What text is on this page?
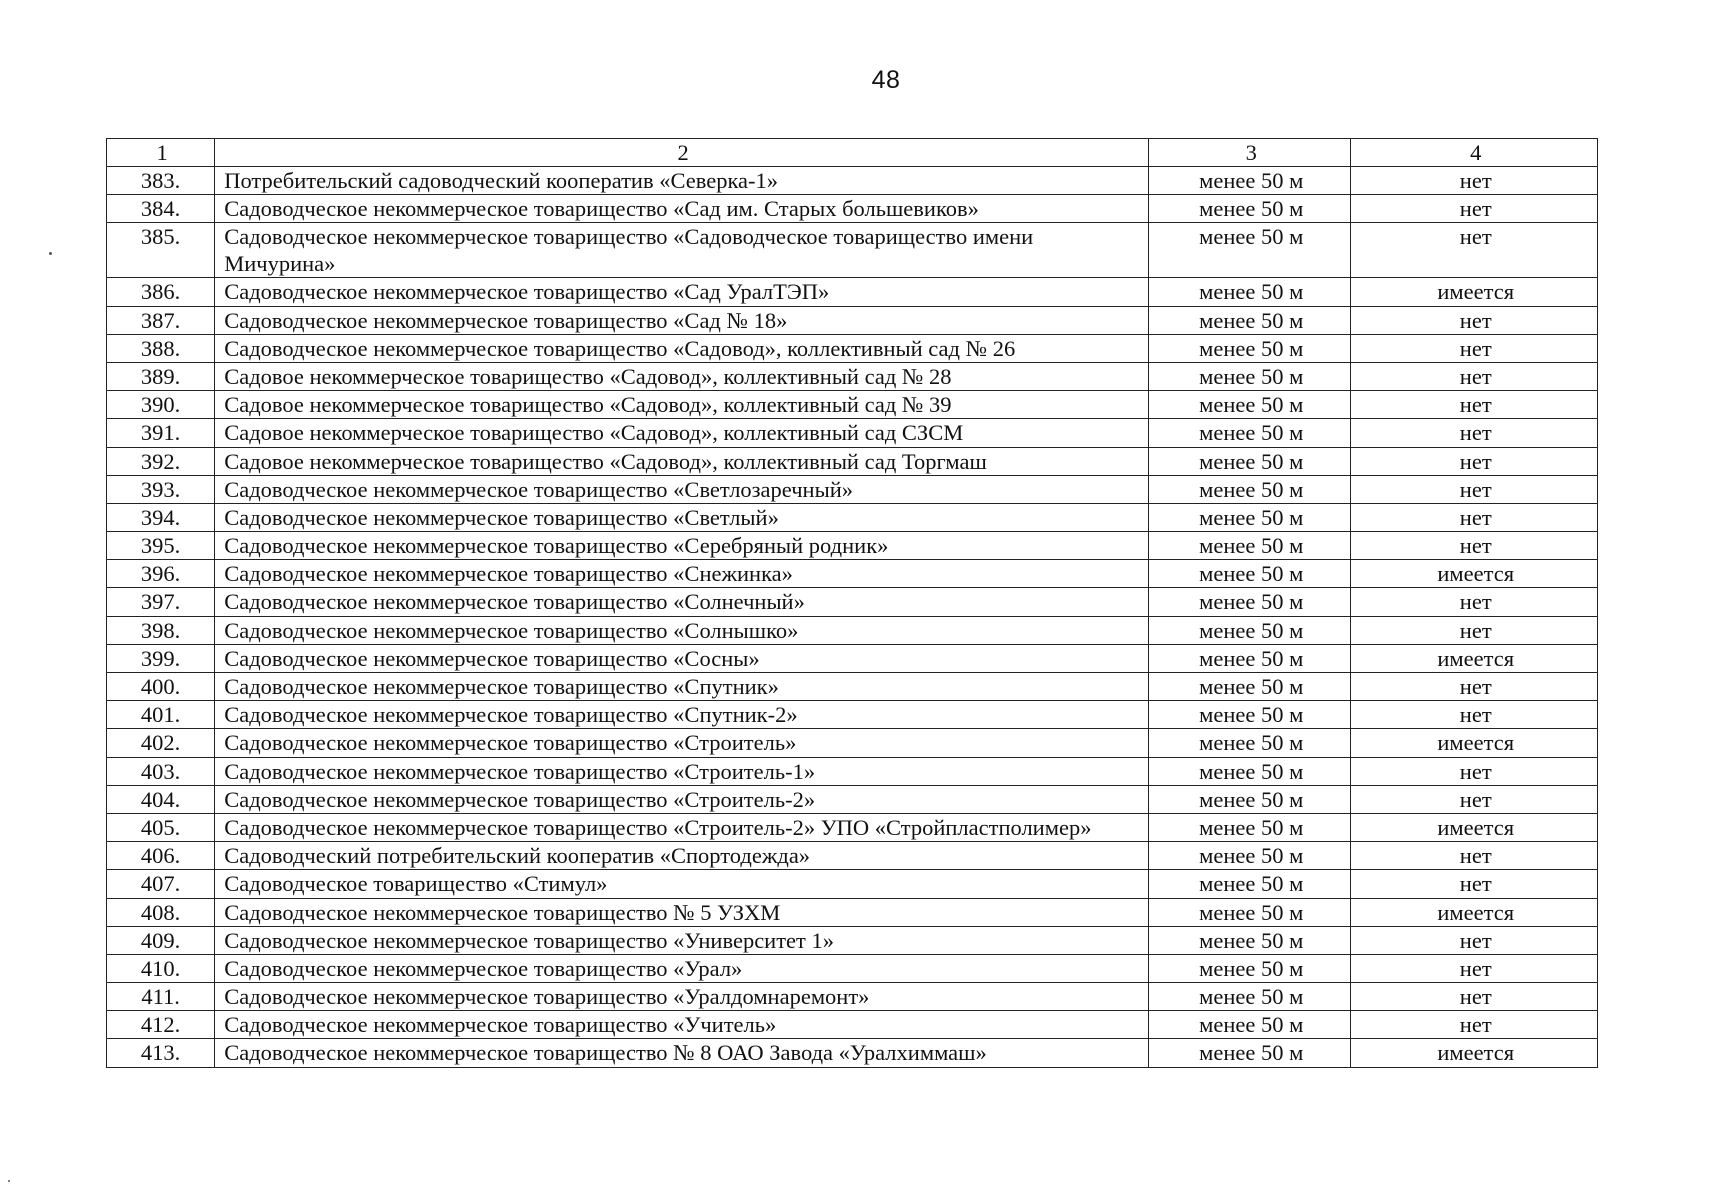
48
1	2	3	4
383.	Потребительский садоводческий кооператив «Северка-1»	менее 50 м	нет
384.	Садоводческое некоммерческое товарищество «Сад им. Старых большевиков»	менее 50 м	нет
385.	Садоводческое некоммерческое товарищество «Садоводческое товарищество имени Мичурина»	менее 50 м	нет
386.	Садоводческое некоммерческое товарищество «Сад УралТЭП»	менее 50 м	имеется
387.	Садоводческое некоммерческое товарищество «Сад № 18»	менее 50 м	нет
388.	Садоводческое некоммерческое товарищество «Садовод», коллективный сад № 26	менее 50 м	нет
389.	Садовое некоммерческое товарищество «Садовод», коллективный сад № 28	менее 50 м	нет
390.	Садовое некоммерческое товарищество «Садовод», коллективный сад № 39	менее 50 м	нет
391.	Садовое некоммерческое товарищество «Садовод», коллективный сад СЗСМ	менее 50 м	нет
392.	Садовое некоммерческое товарищество «Садовод», коллективный сад Торгмаш	менее 50 м	нет
393.	Садоводческое некоммерческое товарищество «Светлозаречный»	менее 50 м	нет
394.	Садоводческое некоммерческое товарищество «Светлый»	менее 50 м	нет
395.	Садоводческое некоммерческое товарищество «Серебряный родник»	менее 50 м	нет
396.	Садоводческое некоммерческое товарищество «Снежинка»	менее 50 м	имеется
397.	Садоводческое некоммерческое товарищество «Солнечный»	менее 50 м	нет
398.	Садоводческое некоммерческое товарищество «Солнышко»	менее 50 м	нет
399.	Садоводческое некоммерческое товарищество «Сосны»	менее 50 м	имеется
400.	Садоводческое некоммерческое товарищество «Спутник»	менее 50 м	нет
401.	Садоводческое некоммерческое товарищество «Спутник-2»	менее 50 м	нет
402.	Садоводческое некоммерческое товарищество «Строитель»	менее 50 м	имеется
403.	Садоводческое некоммерческое товарищество «Строитель-1»	менее 50 м	нет
404.	Садоводческое некоммерческое товарищество «Строитель-2»	менее 50 м	нет
405.	Садоводческое некоммерческое товарищество «Строитель-2» УПО «Стройпластполимер»	менее 50 м	имеется
406.	Садоводческий потребительский кооператив «Спортодежда»	менее 50 м	нет
407.	Садоводческое товарищество «Стимул»	менее 50 м	нет
408.	Садоводческое некоммерческое товарищество № 5 УЗХМ	менее 50 м	имеется
409.	Садоводческое некоммерческое товарищество «Университет 1»	менее 50 м	нет
410.	Садоводческое некоммерческое товарищество «Урал»	менее 50 м	нет
411.	Садоводческое некоммерческое товарищество «Уралдомнаремонт»	менее 50 м	нет
412.	Садоводческое некоммерческое товарищество «Учитель»	менее 50 м	нет
413.	Садоводческое некоммерческое товарищество № 8 ОАО Завода «Уралхиммаш»	менее 50 м	имеется
